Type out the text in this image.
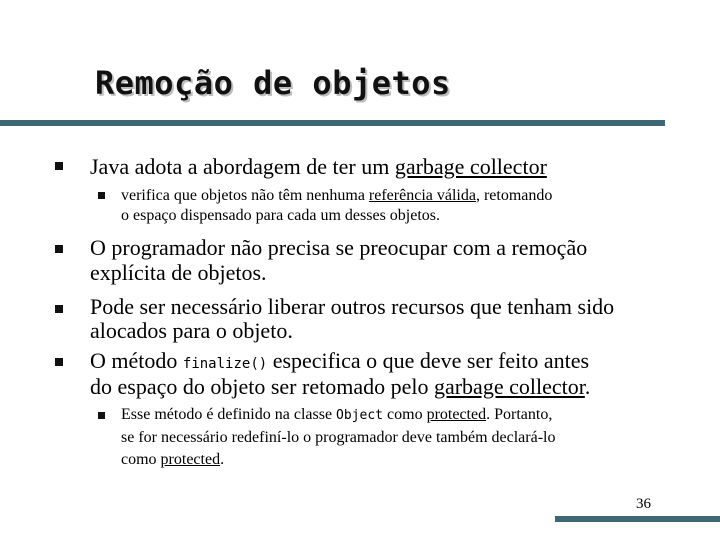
Remoção de objetos
Java adota a abordagem de ter um garbage collector
verifica que objetos não têm nenhuma referência válida, retomando
o espaço dispensado para cada um desses objetos.
O programador não precisa se preocupar com a remoção
explícita de objetos.
Pode ser necessário liberar outros recursos que tenham sido
alocados para o objeto.
O método finalize() especifica o que deve ser feito antes
do espaço do objeto ser retomado pelo garbage collector.
Esse método é definido na classe Object como protected. Portanto,
se for necessário redefiní-lo o programador deve também declará-lo
como protected.
36
